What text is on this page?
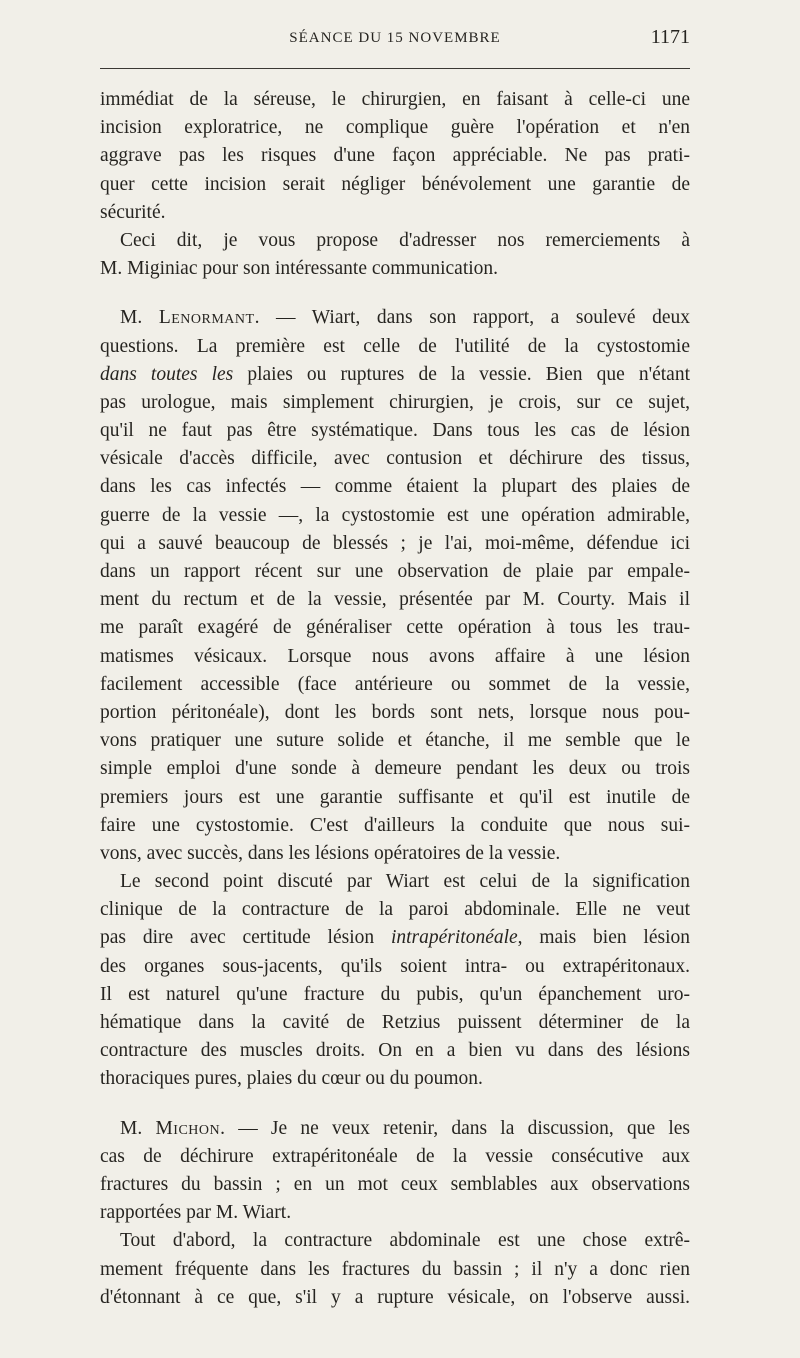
SÉANCE DU 15 NOVEMBRE	1171
immédiat de la séreuse, le chirurgien, en faisant à celle-ci une
incision exploratrice, ne complique guère l'opération et n'en
aggrave pas les risques d'une façon appréciable. Ne pas prati-
quer cette incision serait négliger bénévolement une garantie de
sécurité.
Ceci dit, je vous propose d'adresser nos remerciements à
M. Miginiac pour son intéressante communication.
M. Lenormant. — Wiart, dans son rapport, a soulevé deux
questions. La première est celle de l'utilité de la cystostomie
dans toutes les plaies ou ruptures de la vessie. Bien que n'étant
pas urologue, mais simplement chirurgien, je crois, sur ce sujet,
qu'il ne faut pas être systématique. Dans tous les cas de lésion
vésicale d'accès difficile, avec contusion et déchirure des tissus,
dans les cas infectés — comme étaient la plupart des plaies de
guerre de la vessie —, la cystostomie est une opération admirable,
qui a sauvé beaucoup de blessés ; je l'ai, moi-même, défendue ici
dans un rapport récent sur une observation de plaie par empale-
ment du rectum et de la vessie, présentée par M. Courty. Mais il
me paraît exagéré de généraliser cette opération à tous les trau-
matismes vésicaux. Lorsque nous avons affaire à une lésion
facilement accessible (face antérieure ou sommet de la vessie,
portion péritonéale), dont les bords sont nets, lorsque nous pou-
vons pratiquer une suture solide et étanche, il me semble que le
simple emploi d'une sonde à demeure pendant les deux ou trois
premiers jours est une garantie suffisante et qu'il est inutile de
faire une cystostomie. C'est d'ailleurs la conduite que nous sui-
vons, avec succès, dans les lésions opératoires de la vessie.
Le second point discuté par Wiart est celui de la signification
clinique de la contracture de la paroi abdominale. Elle ne veut
pas dire avec certitude lésion intrapéritonéale, mais bien lésion
des organes sous-jacents, qu'ils soient intra- ou extrapéritonaux.
Il est naturel qu'une fracture du pubis, qu'un épanchement uro-
hématique dans la cavité de Retzius puissent déterminer de la
contracture des muscles droits. On en a bien vu dans des lésions
thoraciques pures, plaies du cœur ou du poumon.
M. Michon. — Je ne veux retenir, dans la discussion, que les
cas de déchirure extrapéritonéale de la vessie consécutive aux
fractures du bassin ; en un mot ceux semblables aux observations
rapportées par M. Wiart.
Tout d'abord, la contracture abdominale est une chose extrê-
mement fréquente dans les fractures du bassin ; il n'y a donc rien
d'étonnant à ce que, s'il y a rupture vésicale, on l'observe aussi.
